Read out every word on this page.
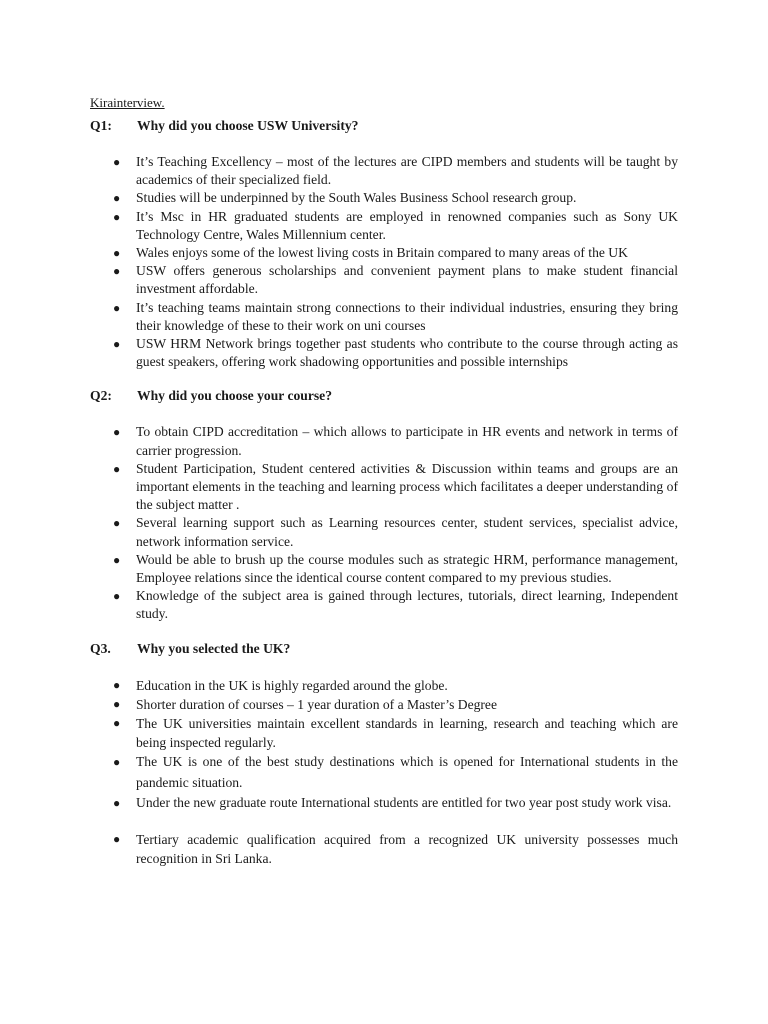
Kirainterview.

Q1:	Why did you choose USW University?
● It’s Teaching Excellency – most of the lectures are CIPD members and students will be taught by academics of their specialized field.
● Studies will be underpinned by the South Wales Business School research group.
● It’s Msc in HR graduated students are employed in renowned companies such as Sony UK Technology Centre, Wales Millennium center.
● Wales enjoys some of the lowest living costs in Britain compared to many areas of the UK
● USW offers generous scholarships and convenient payment plans to make student financial investment affordable.
● It’s teaching teams maintain strong connections to their individual industries, ensuring they bring their knowledge of these to their work on uni courses
● USW HRM Network brings together past students who contribute to the course through acting as guest speakers, offering work shadowing opportunities and possible internships
Q2:	Why did you choose your course?
● To obtain CIPD accreditation – which allows to participate in HR events and network in terms of carrier progression.
● Student Participation, Student centered activities & Discussion within teams and groups are an important elements in the teaching and learning process which facilitates a deeper understanding of the subject matter .
● Several learning support such as Learning resources center, student services, specialist advice, network information service.
● Would be able to brush up the course modules such as strategic HRM, performance management, Employee relations since the identical course content compared to my previous studies.
● Knowledge of the subject area is gained through lectures, tutorials, direct learning, Independent study.
Q3.	Why you selected the UK?
● Education in the UK is highly regarded around the globe.
● Shorter duration of courses – 1 year duration of a Master’s Degree
● The UK universities maintain excellent standards in learning, research and teaching which are being inspected regularly.
● The UK is one of the best study destinations which is opened for International students in the pandemic situation.
● Under the new graduate route International students are entitled for two year post study work visa.
● Tertiary academic qualification acquired from a recognized UK university possesses much recognition in Sri Lanka.
